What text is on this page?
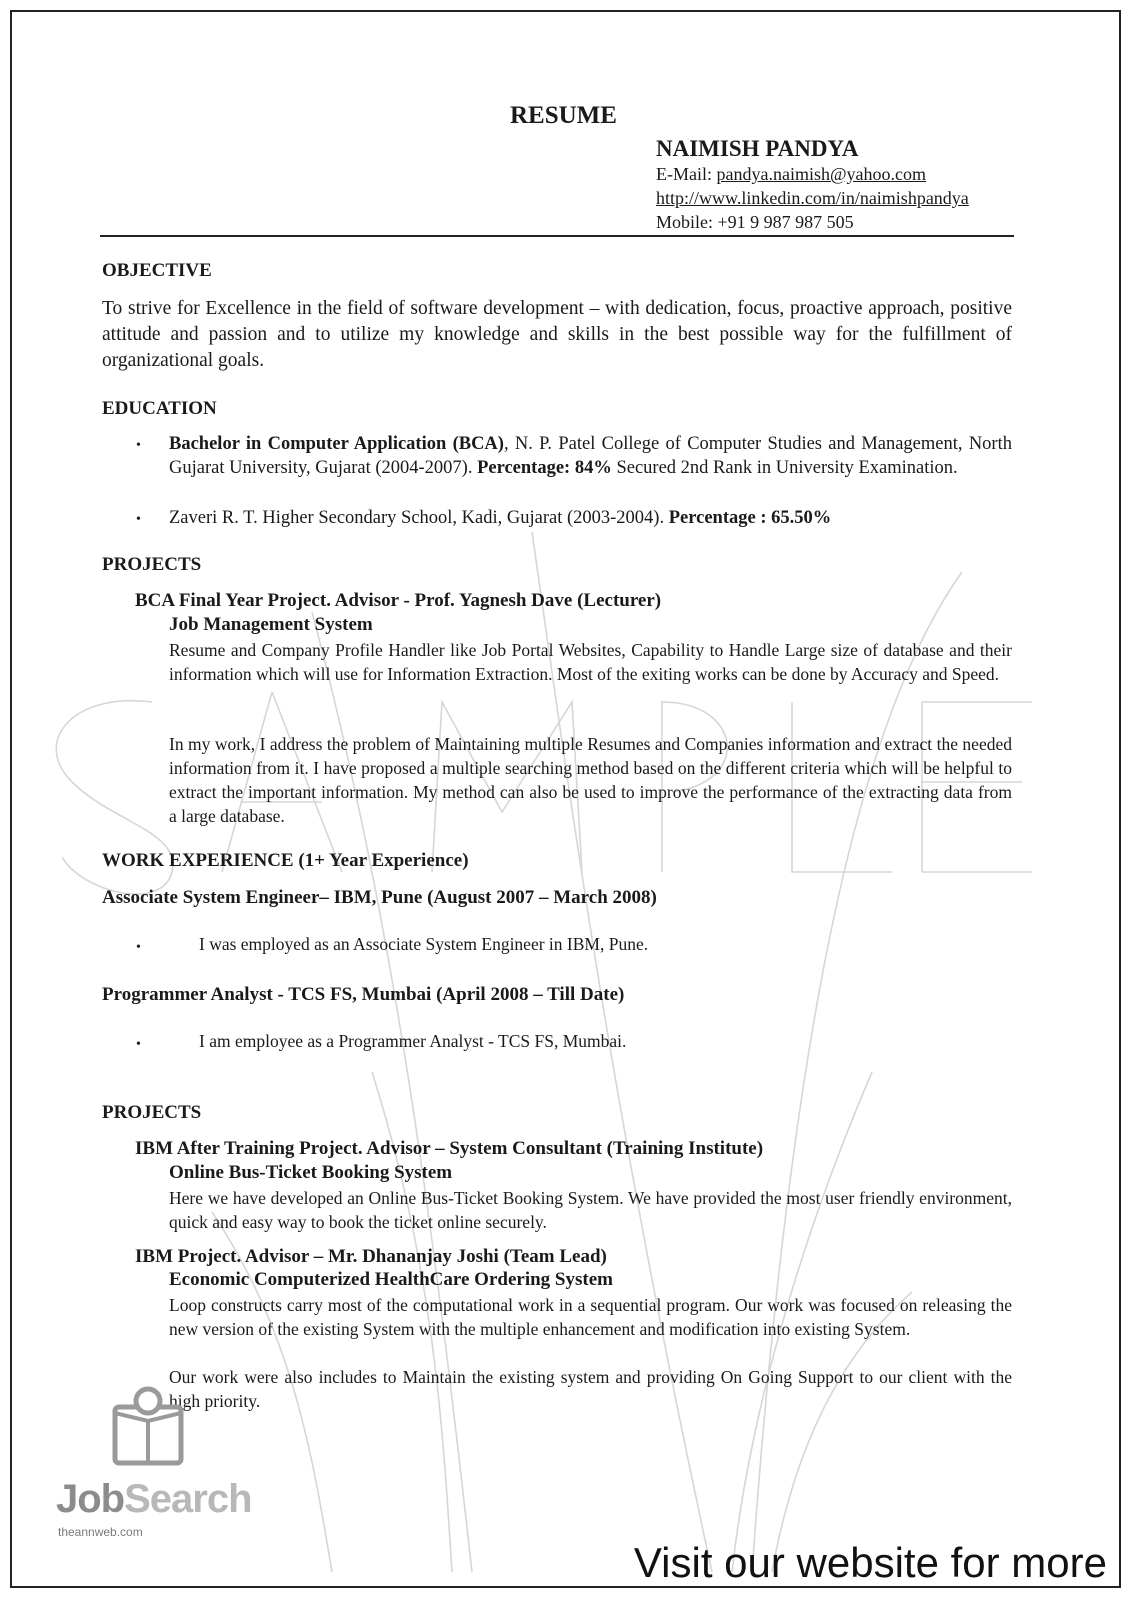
RESUME
NAIMISH PANDYA
E-Mail: pandya.naimish@yahoo.com
http://www.linkedin.com/in/naimishpandya
Mobile: +91 9 987 987 505
OBJECTIVE
To strive for Excellence in the field of software development – with dedication, focus, proactive approach, positive attitude and passion and to utilize my knowledge and skills in the best possible way for the fulfillment of organizational goals.
EDUCATION
• Bachelor in Computer Application (BCA), N. P. Patel College of Computer Studies and Management, North Gujarat University, Gujarat (2004-2007). Percentage: 84% Secured 2nd Rank in University Examination.
• Zaveri R. T. Higher Secondary School, Kadi, Gujarat (2003-2004). Percentage : 65.50%
PROJECTS
BCA Final Year Project. Advisor - Prof. Yagnesh Dave (Lecturer)
Job Management System
Resume and Company Profile Handler like Job Portal Websites, Capability to Handle Large size of database and their information which will use for Information Extraction. Most of the exiting works can be done by Accuracy and Speed.
In my work, I address the problem of Maintaining multiple Resumes and Companies information and extract the needed information from it. I have proposed a multiple searching method based on the different criteria which will be helpful to extract the important information. My method can also be used to improve the performance of the extracting data from a large database.
WORK EXPERIENCE (1+ Year Experience)
Associate System Engineer– IBM, Pune (August 2007 – March 2008)
•	I was employed as an Associate System Engineer in IBM, Pune.
Programmer Analyst - TCS FS, Mumbai (April 2008 – Till Date)
•	I am employee as a Programmer Analyst - TCS FS, Mumbai.
PROJECTS
IBM After Training Project. Advisor – System Consultant (Training Institute)
Online Bus-Ticket Booking System
Here we have developed an Online Bus-Ticket Booking System. We have provided the most user friendly environment, quick and easy way to book the ticket online securely.
IBM Project. Advisor – Mr. Dhananjay Joshi (Team Lead)
Economic Computerized HealthCare Ordering System
Loop constructs carry most of the computational work in a sequential program. Our work was focused on releasing the new version of the existing System with the multiple enhancement and modification into existing System.
Our work were also includes to Maintain the existing system and providing On Going Support to our client with the high priority.
JobSearch
theannweb.com
Visit our website for more
